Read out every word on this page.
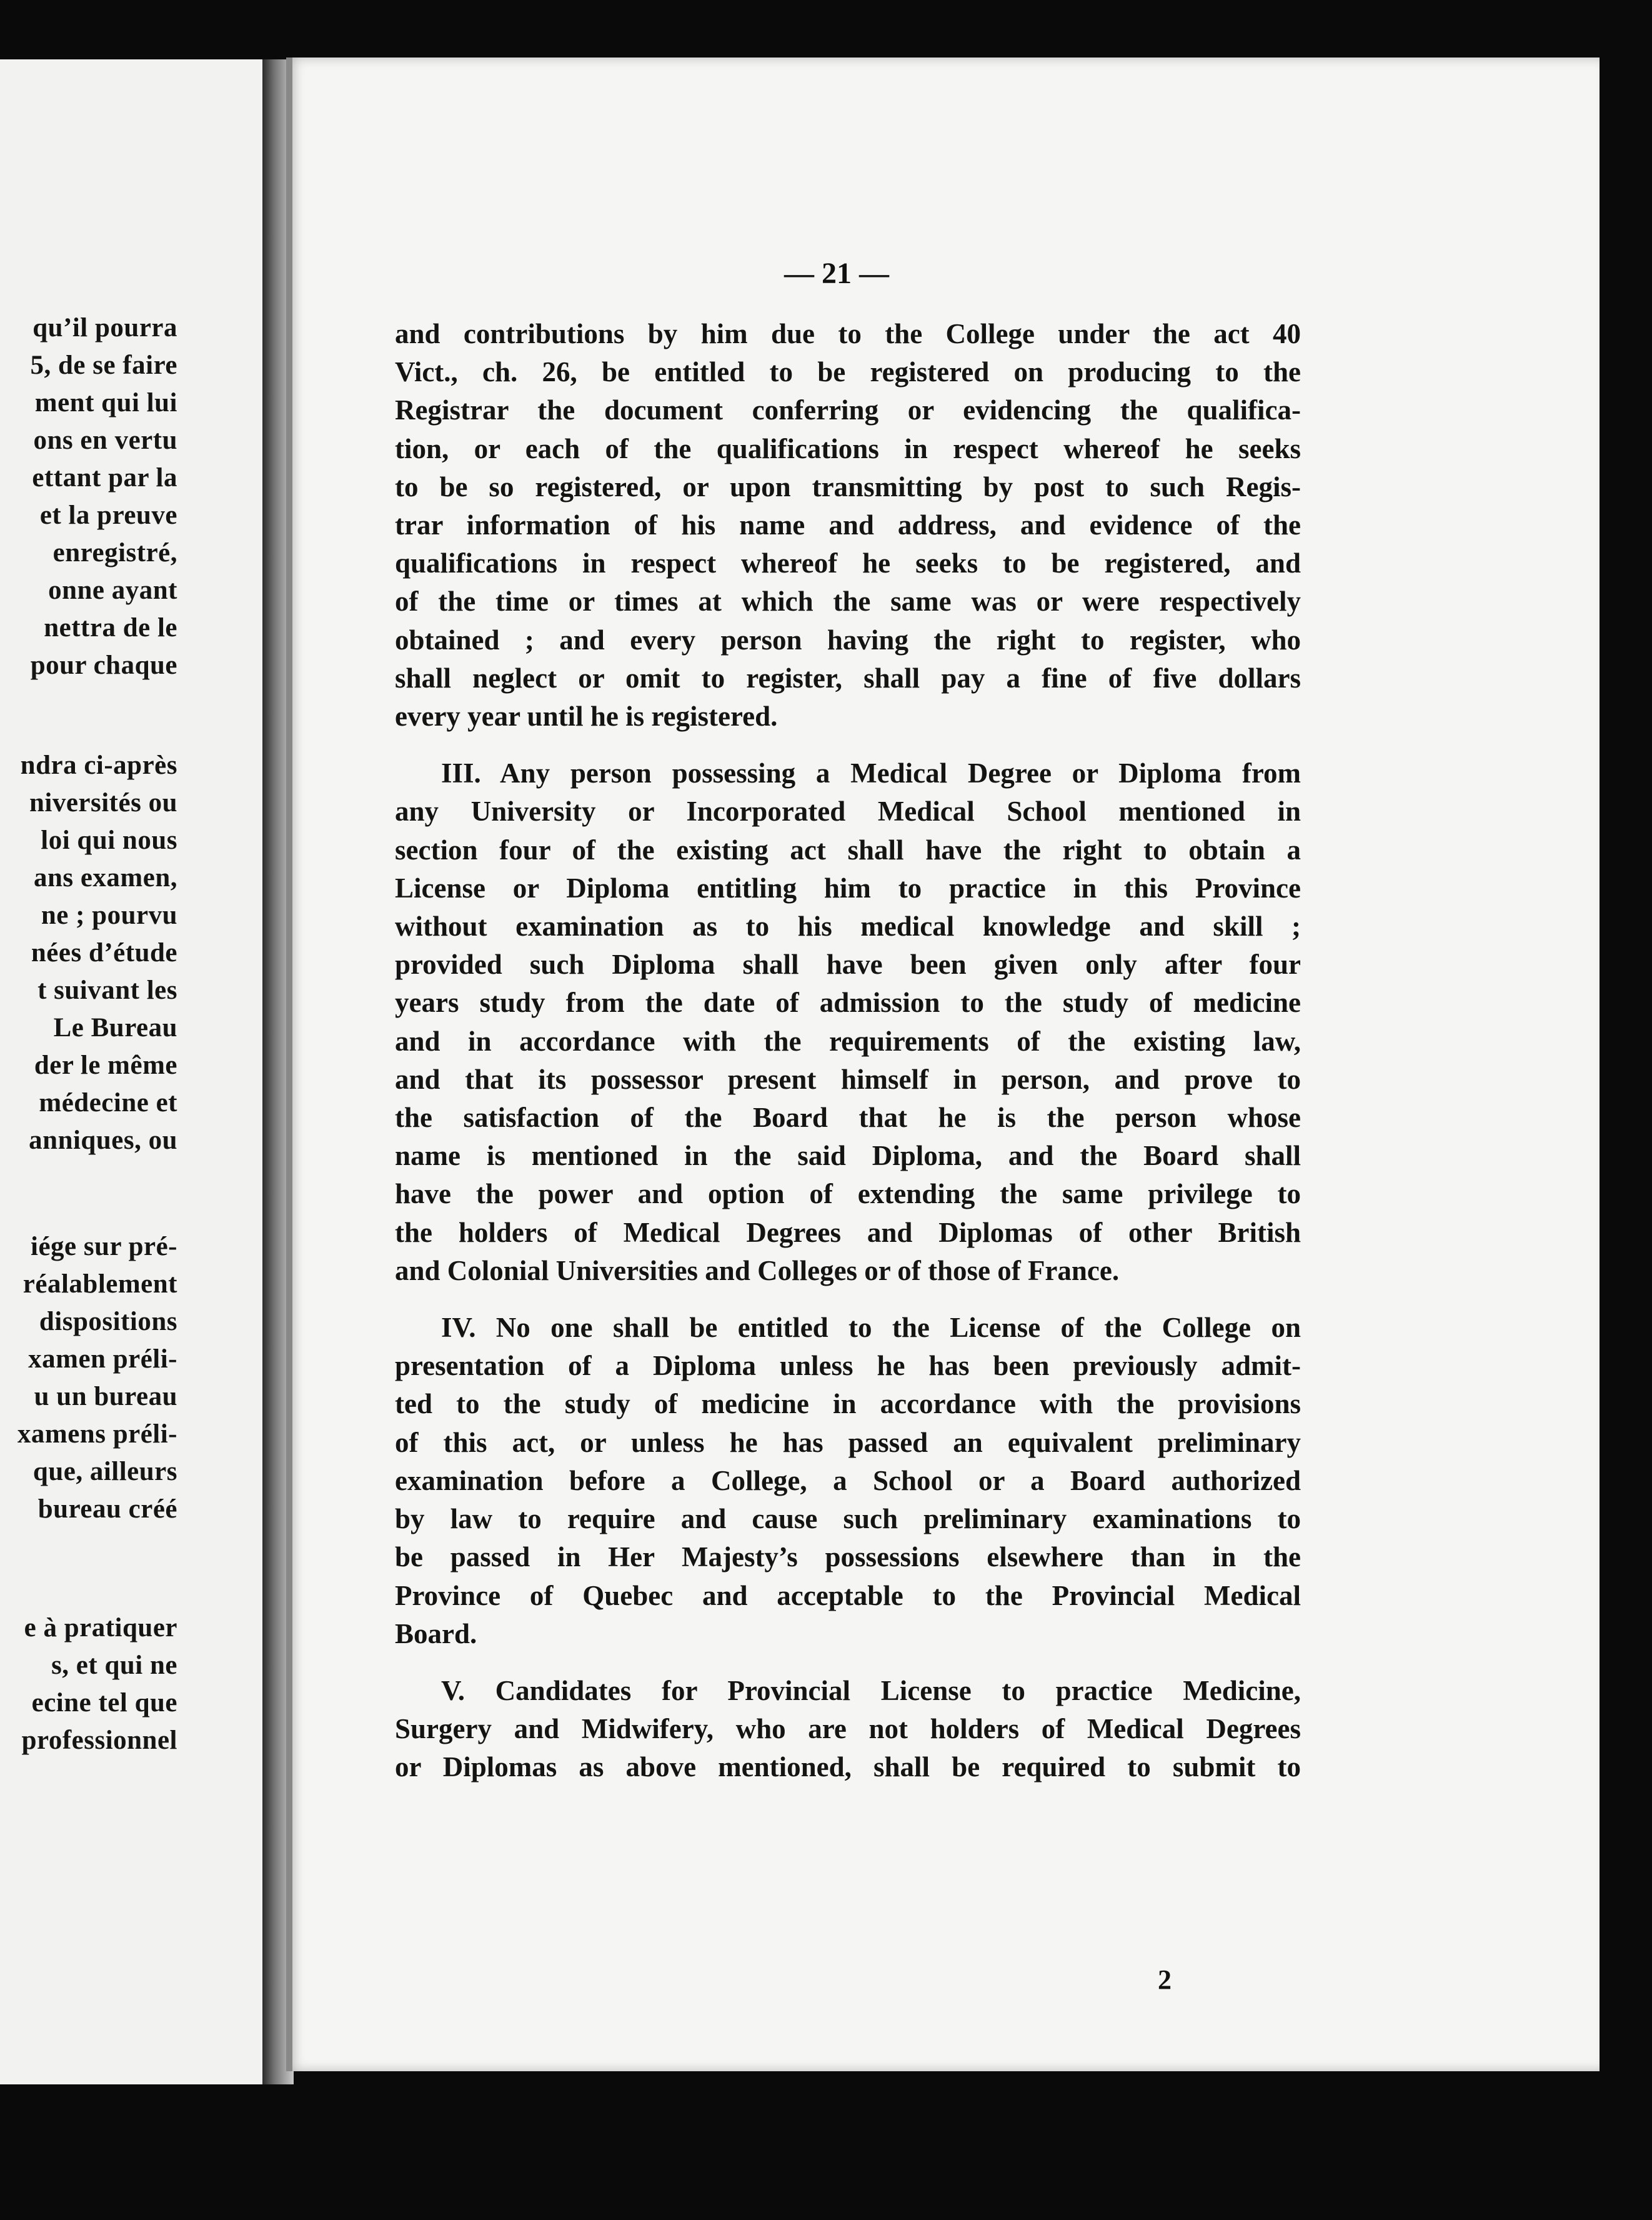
qu’il pourra
5, de se faire
ment qui lui
ons en vertu
ettant par la
et la preuve
enregistré,
onne ayant
nettra de le
pour chaque
ndra ci-après
niversités ou
loi qui nous
ans examen,
ne ; pourvu
nées d’étude
t suivant les
Le Bureau
der le même
médecine et
anniques, ou
iége sur pré-
réalablement
dispositions
xamen préli-
u un bureau
xamens préli-
que, ailleurs
bureau créé
e à pratiquer
s, et qui ne
ecine tel que
professionnel
— 21 —

and contributions by him due to the College under the act 40
Vict., ch. 26, be entitled to be registered on producing to the
Registrar the document conferring or evidencing the qualifica-
tion, or each of the qualifications in respect whereof he seeks
to be so registered, or upon transmitting by post to such Regis-
trar information of his name and address, and evidence of the
qualifications in respect whereof he seeks to be registered, and
of the time or times at which the same was or were respectively
obtained ; and every person having the right to register, who
shall neglect or omit to register, shall pay a fine of five dollars
every year until he is registered.

III. Any person possessing a Medical Degree or Diploma from
any University or Incorporated Medical School mentioned in
section four of the existing act shall have the right to obtain a
License or Diploma entitling him to practice in this Province
without examination as to his medical knowledge and skill ;
provided such Diploma shall have been given only after four
years study from the date of admission to the study of medicine
and in accordance with the requirements of the existing law,
and that its possessor present himself in person, and prove to
the satisfaction of the Board that he is the person whose
name is mentioned in the said Diploma, and the Board shall
have the power and option of extending the same privilege to
the holders of Medical Degrees and Diplomas of other British
and Colonial Universities and Colleges or of those of France.

IV. No one shall be entitled to the License of the College on
presentation of a Diploma unless he has been previously admit-
ted to the study of medicine in accordance with the provisions
of this act, or unless he has passed an equivalent preliminary
examination before a College, a School or a Board authorized
by law to require and cause such preliminary examinations to
be passed in Her Majesty’s possessions elsewhere than in the
Province of Quebec and acceptable to the Provincial Medical
Board.

V. Candidates for Provincial License to practice Medicine,
Surgery and Midwifery, who are not holders of Medical Degrees
or Diplomas as above mentioned, shall be required to submit to

2
